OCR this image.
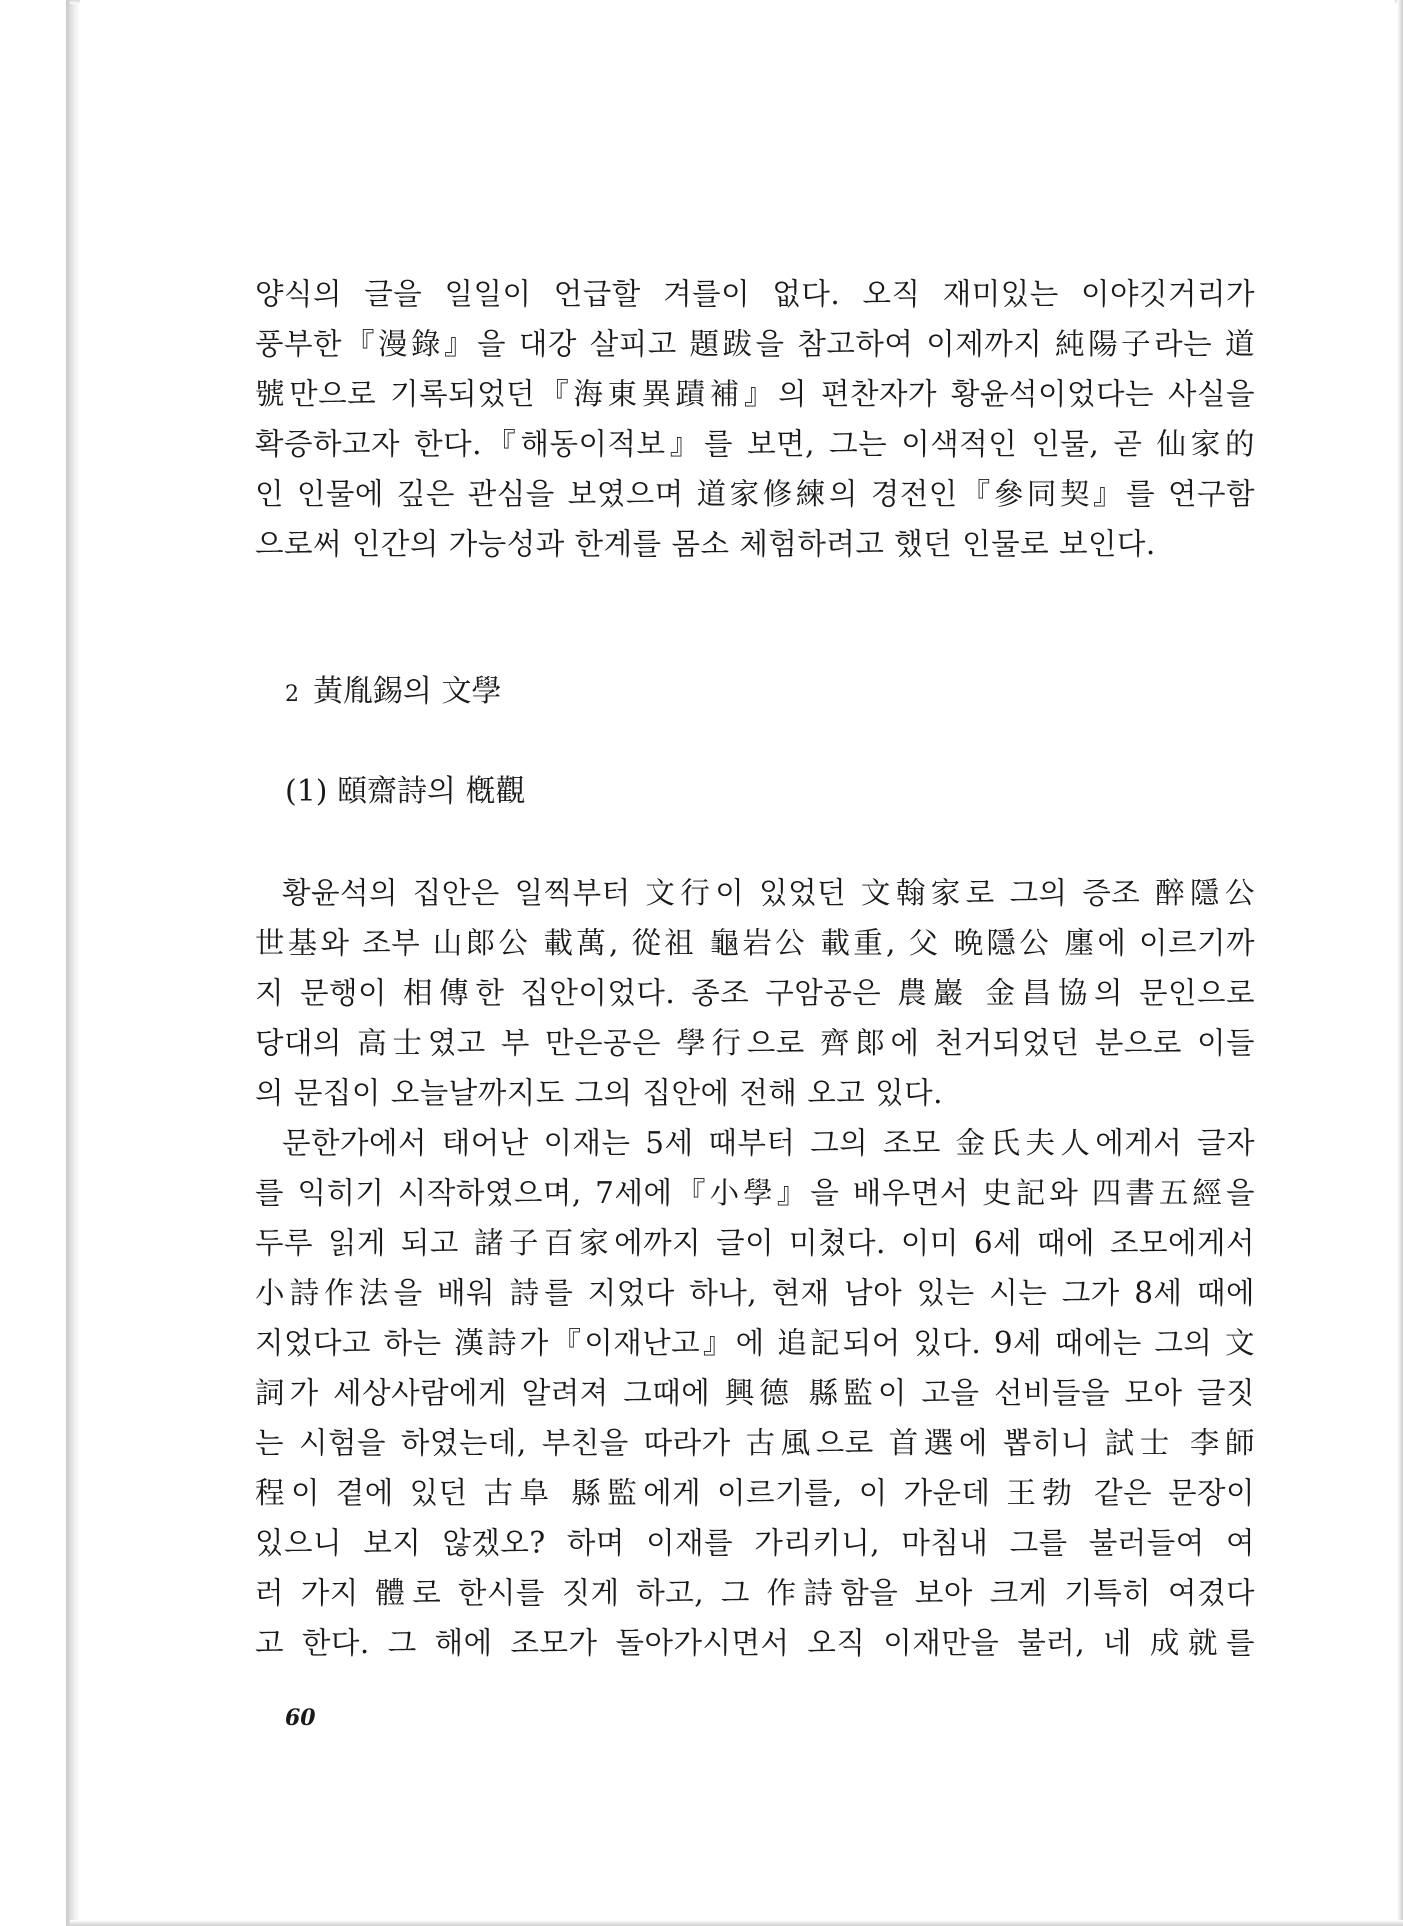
양식의 글을 일일이 언급할 겨를이 없다. 오직 재미있는 이야깃거리가
풍부한『漫錄』을 대강 살피고 題跋을 참고하여 이제까지 純陽子라는 道
號만으로 기록되었던『海東異蹟補』의 편찬자가 황윤석이었다는 사실을
확증하고자 한다.『해동이적보』를 보면, 그는 이색적인 인물, 곧 仙家的
인 인물에 깊은 관심을 보였으며 道家修練의 경전인『參同契』를 연구함
으로써 인간의 가능성과 한계를 몸소 체험하려고 했던 인물로 보인다.
2 黃胤錫의 文學
(1) 頤齋詩의 槪觀
황윤석의 집안은 일찍부터 文行이 있었던 文翰家로 그의 증조 醉隱公
世基와 조부 山郞公 載萬, 從祖 龜岩公 載重, 父 晩隱公 廛에 이르기까
지 문행이 相傳한 집안이었다. 종조 구암공은 農巖 金昌協의 문인으로
당대의 高士였고 부 만은공은 學行으로 齊郞에 천거되었던 분으로 이들
의 문집이 오늘날까지도 그의 집안에 전해 오고 있다.
문한가에서 태어난 이재는 5세 때부터 그의 조모 金氏夫人에게서 글자
를 익히기 시작하였으며, 7세에『小學』을 배우면서 史記와 四書五經을
두루 읽게 되고 諸子百家에까지 글이 미쳤다. 이미 6세 때에 조모에게서
小詩作法을 배워 詩를 지었다 하나, 현재 남아 있는 시는 그가 8세 때에
지었다고 하는 漢詩가『이재난고』에 追記되어 있다. 9세 때에는 그의 文
詞가 세상사람에게 알려져 그때에 興德 縣監이 고을 선비들을 모아 글짓
는 시험을 하였는데, 부친을 따라가 古風으로 首選에 뽑히니 試士 李師
程이 곁에 있던 古阜 縣監에게 이르기를, 이 가운데 王勃 같은 문장이
있으니 보지 않겠오? 하며 이재를 가리키니, 마침내 그를 불러들여 여
러 가지 體로 한시를 짓게 하고, 그 作詩함을 보아 크게 기특히 여겼다
고 한다. 그 해에 조모가 돌아가시면서 오직 이재만을 불러, 네 成就를
60
